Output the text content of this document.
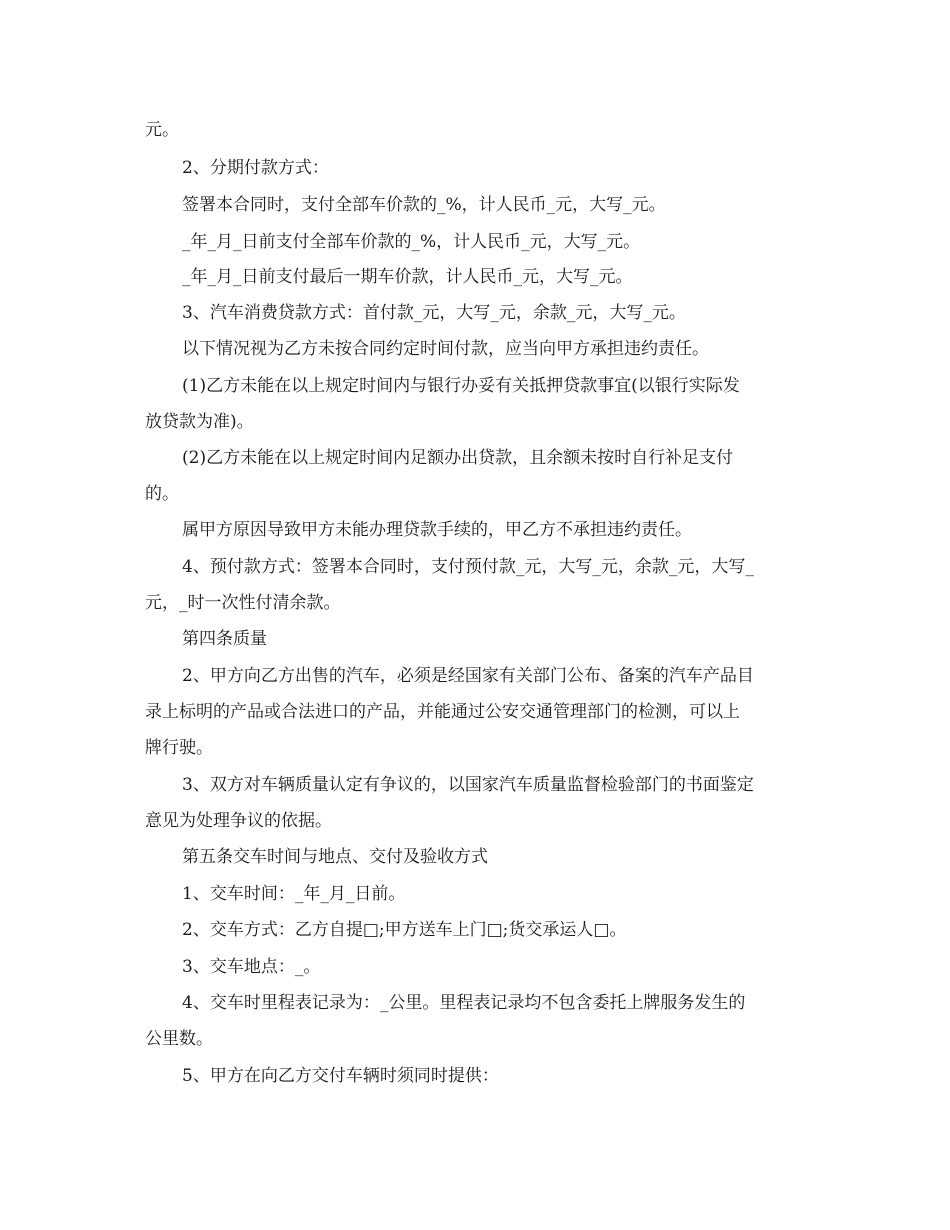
元。
2、分期付款方式：
签署本合同时，支付全部车价款的_%，计人民币_元，大写_元。
_年_月_日前支付全部车价款的_%，计人民币_元，大写_元。
_年_月_日前支付最后一期车价款，计人民币_元，大写_元。
3、汽车消费贷款方式：首付款_元，大写_元，余款_元，大写_元。
以下情况视为乙方未按合同约定时间付款，应当向甲方承担违约责任。
(1)乙方未能在以上规定时间内与银行办妥有关抵押贷款事宜(以银行实际发
放贷款为准)。
(2)乙方未能在以上规定时间内足额办出贷款，且余额未按时自行补足支付
的。
属甲方原因导致甲方未能办理贷款手续的，甲乙方不承担违约责任。
4、预付款方式：签署本合同时，支付预付款_元，大写_元，余款_元，大写_
元，_时一次性付清余款。
第四条质量
2、甲方向乙方出售的汽车，必须是经国家有关部门公布、备案的汽车产品目
录上标明的产品或合法进口的产品，并能通过公安交通管理部门的检测，可以上
牌行驶。
3、双方对车辆质量认定有争议的，以国家汽车质量监督检验部门的书面鉴定
意见为处理争议的依据。
第五条交车时间与地点、交付及验收方式
1、交车时间：_年_月_日前。
2、交车方式：乙方自提□;甲方送车上门□;货交承运人□。
3、交车地点：_。
4、交车时里程表记录为：_公里。里程表记录均不包含委托上牌服务发生的
公里数。
5、甲方在向乙方交付车辆时须同时提供：
